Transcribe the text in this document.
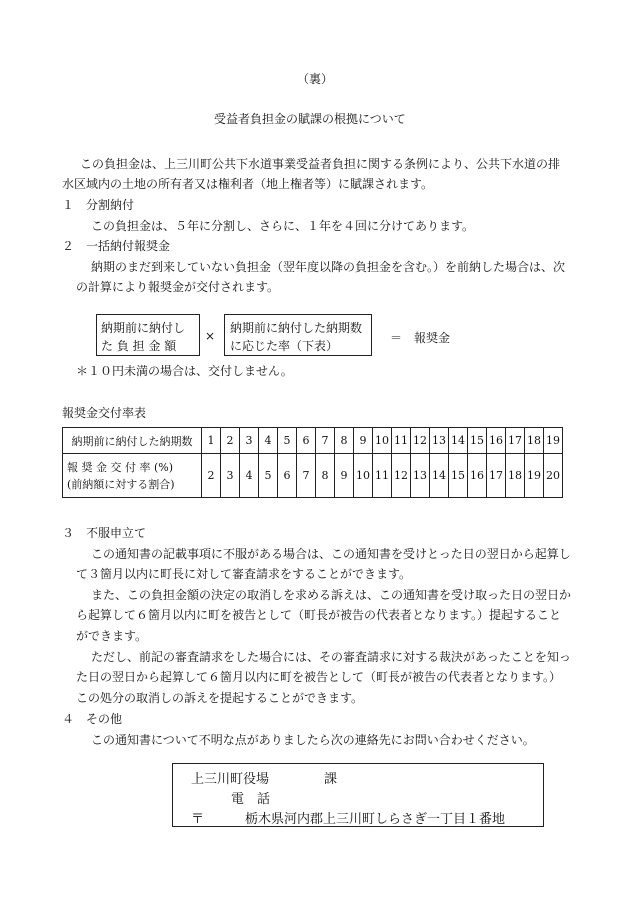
（裏）
受益者負担金の賦課の根拠について
この負担金は、上三川町公共下水道事業受益者負担に関する条例により、公共下水道の排
水区域内の土地の所有者又は権利者（地上権者等）に賦課されます。
１　分割納付
この負担金は、５年に分割し、さらに、１年を４回に分けてあります。
２　一括納付報奨金
納期のまだ到来していない負担金（翌年度以降の負担金を含む。）を前納した場合は、次
の計算により報奨金が交付されます。
納期前に納付し
た 負 担 金 額
×
納期前に納付した納期数
に応じた率（下表）
＝ 報奨金
＊１０円未満の場合は、交付しません。
報奨金交付率表
納期前に納付した納期数	1	2	3	4	5	6	7	8	9	10	11	12	13	14	15	16	17	18	19

報 奨 金 交 付 率 (%)
(前納額に対する割合)	2	3	4	5	6	7	8	9	10	11	12	13	14	15	16	17	18	19	20
３　不服申立て
この通知書の記載事項に不服がある場合は、この通知書を受けとった日の翌日から起算し
て３箇月以内に町長に対して審査請求をすることができます。
また、この負担金額の決定の取消しを求める訴えは、この通知書を受け取った日の翌日か
ら起算して６箇月以内に町を被告として（町長が被告の代表者となります。）提起すること
ができます。
ただし、前記の審査請求をした場合には、その審査請求に対する裁決があったことを知っ
た日の翌日から起算して６箇月以内に町を被告として（町長が被告の代表者となります。）
この処分の取消しの訴えを提起することができます。
４　その他
この通知書について不明な点がありましたら次の連絡先にお問い合わせください。
上三川町役場	課
電　話
〒	栃木県河内郡上三川町しらさぎ一丁目１番地
